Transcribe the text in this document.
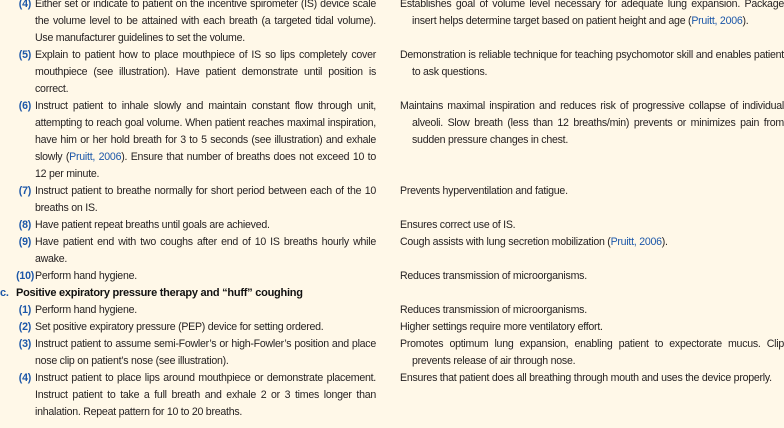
(4) Either set or indicate to patient on the incentive spirometer (IS) device scale the volume level to be attained with each breath (a targeted tidal volume). Use manufacturer guidelines to set the volume.
(5) Explain to patient how to place mouthpiece of IS so lips completely cover mouthpiece (see illustration). Have patient demonstrate until position is correct.
(6) Instruct patient to inhale slowly and maintain constant flow through unit, attempting to reach goal volume. When patient reaches maximal inspiration, have him or her hold breath for 3 to 5 seconds (see illustration) and exhale slowly (Pruitt, 2006). Ensure that number of breaths does not exceed 10 to 12 per minute.
(7) Instruct patient to breathe normally for short period between each of the 10 breaths on IS.
(8) Have patient repeat breaths until goals are achieved.
(9) Have patient end with two coughs after end of 10 IS breaths hourly while awake.
(10) Perform hand hygiene.
c. Positive expiratory pressure therapy and “huff” coughing
(1) Perform hand hygiene.
(2) Set positive expiratory pressure (PEP) device for setting ordered.
(3) Instruct patient to assume semi-Fowler’s or high-Fowler’s position and place nose clip on patient’s nose (see illustration).
(4) Instruct patient to place lips around mouthpiece or demonstrate placement. Instruct patient to take a full breath and exhale 2 or 3 times longer than inhalation. Repeat pattern for 10 to 20 breaths.
Establishes goal of volume level necessary for adequate lung expansion. Package insert helps determine target based on patient height and age (Pruitt, 2006).
Demonstration is reliable technique for teaching psychomotor skill and enables patient to ask questions.
Maintains maximal inspiration and reduces risk of progressive collapse of individual alveoli. Slow breath (less than 12 breaths/min) prevents or minimizes pain from sudden pressure changes in chest.
Prevents hyperventilation and fatigue.
Ensures correct use of IS.
Cough assists with lung secretion mobilization (Pruitt, 2006).
Reduces transmission of microorganisms.
Reduces transmission of microorganisms.
Higher settings require more ventilatory effort.
Promotes optimum lung expansion, enabling patient to expectorate mucus. Clip prevents release of air through nose.
Ensures that patient does all breathing through mouth and uses the device properly.
